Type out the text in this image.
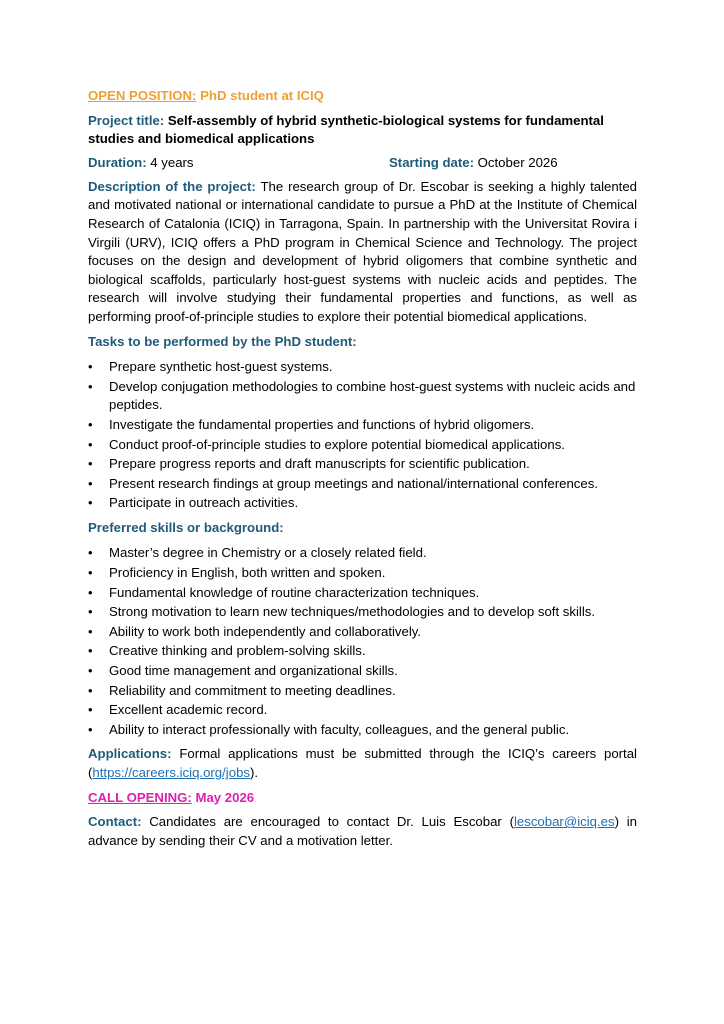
OPEN POSITION: PhD student at ICIQ
Project title: Self-assembly of hybrid synthetic-biological systems for fundamental studies and biomedical applications
Duration: 4 years	Starting date: October 2026
Description of the project: The research group of Dr. Escobar is seeking a highly talented and motivated national or international candidate to pursue a PhD at the Institute of Chemical Research of Catalonia (ICIQ) in Tarragona, Spain. In partnership with the Universitat Rovira i Virgili (URV), ICIQ offers a PhD program in Chemical Science and Technology. The project focuses on the design and development of hybrid oligomers that combine synthetic and biological scaffolds, particularly host-guest systems with nucleic acids and peptides. The research will involve studying their fundamental properties and functions, as well as performing proof-of-principle studies to explore their potential biomedical applications.
Tasks to be performed by the PhD student:
• Prepare synthetic host-guest systems.
• Develop conjugation methodologies to combine host-guest systems with nucleic acids and peptides.
• Investigate the fundamental properties and functions of hybrid oligomers.
• Conduct proof-of-principle studies to explore potential biomedical applications.
• Prepare progress reports and draft manuscripts for scientific publication.
• Present research findings at group meetings and national/international conferences.
• Participate in outreach activities.
Preferred skills or background:
• Master’s degree in Chemistry or a closely related field.
• Proficiency in English, both written and spoken.
• Fundamental knowledge of routine characterization techniques.
• Strong motivation to learn new techniques/methodologies and to develop soft skills.
• Ability to work both independently and collaboratively.
• Creative thinking and problem-solving skills.
• Good time management and organizational skills.
• Reliability and commitment to meeting deadlines.
• Excellent academic record.
• Ability to interact professionally with faculty, colleagues, and the general public.
Applications: Formal applications must be submitted through the ICIQ’s careers portal (https://careers.iciq.org/jobs).
CALL OPENING: May 2026
Contact: Candidates are encouraged to contact Dr. Luis Escobar (lescobar@iciq.es) in advance by sending their CV and a motivation letter.
